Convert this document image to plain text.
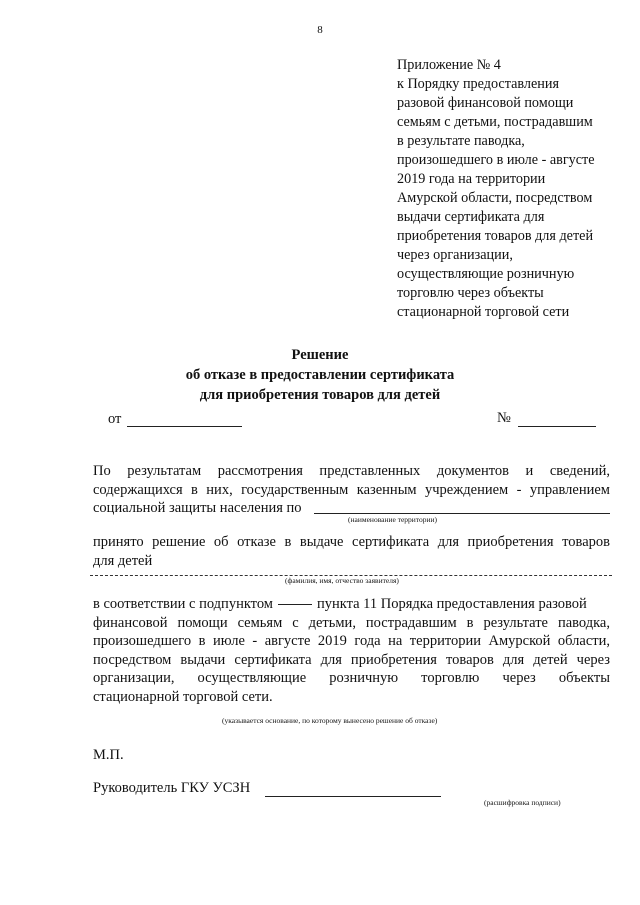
8
Приложение № 4
к Порядку предоставления
разовой финансовой помощи
семьям с детьми, пострадавшим
в результате паводка,
произошедшего в июле - августе
2019 года на территории
Амурской области, посредством
выдачи сертификата для
приобретения товаров для детей
через организации,
осуществляющие розничную
торговлю через объекты
стационарной торговой сети
Решение
об отказе в предоставлении сертификата
для приобретения товаров для детей
от	№
По результатам рассмотрения представленных документов и сведений,
содержащихся в них, государственным казенным учреждением - управлением
социальной защиты населения по
(наименование территории)
принято решение об отказе в выдаче сертификата для приобретения товаров
для детей
(фамилия, имя, отчество заявителя)
в соответствии с подпунктом	пункта 11 Порядка предоставления разовой
финансовой помощи семьям с детьми, пострадавшим в результате паводка,
произошедшего в июле - августе 2019 года на территории Амурской области,
посредством выдачи сертификата для приобретения товаров для детей через
организации, осуществляющие розничную торговлю через объекты
стационарной торговой сети.
(указывается основание, по которому вынесено решение об отказе)
М.П.
Руководитель ГКУ УСЗН
(расшифровка подписи)
